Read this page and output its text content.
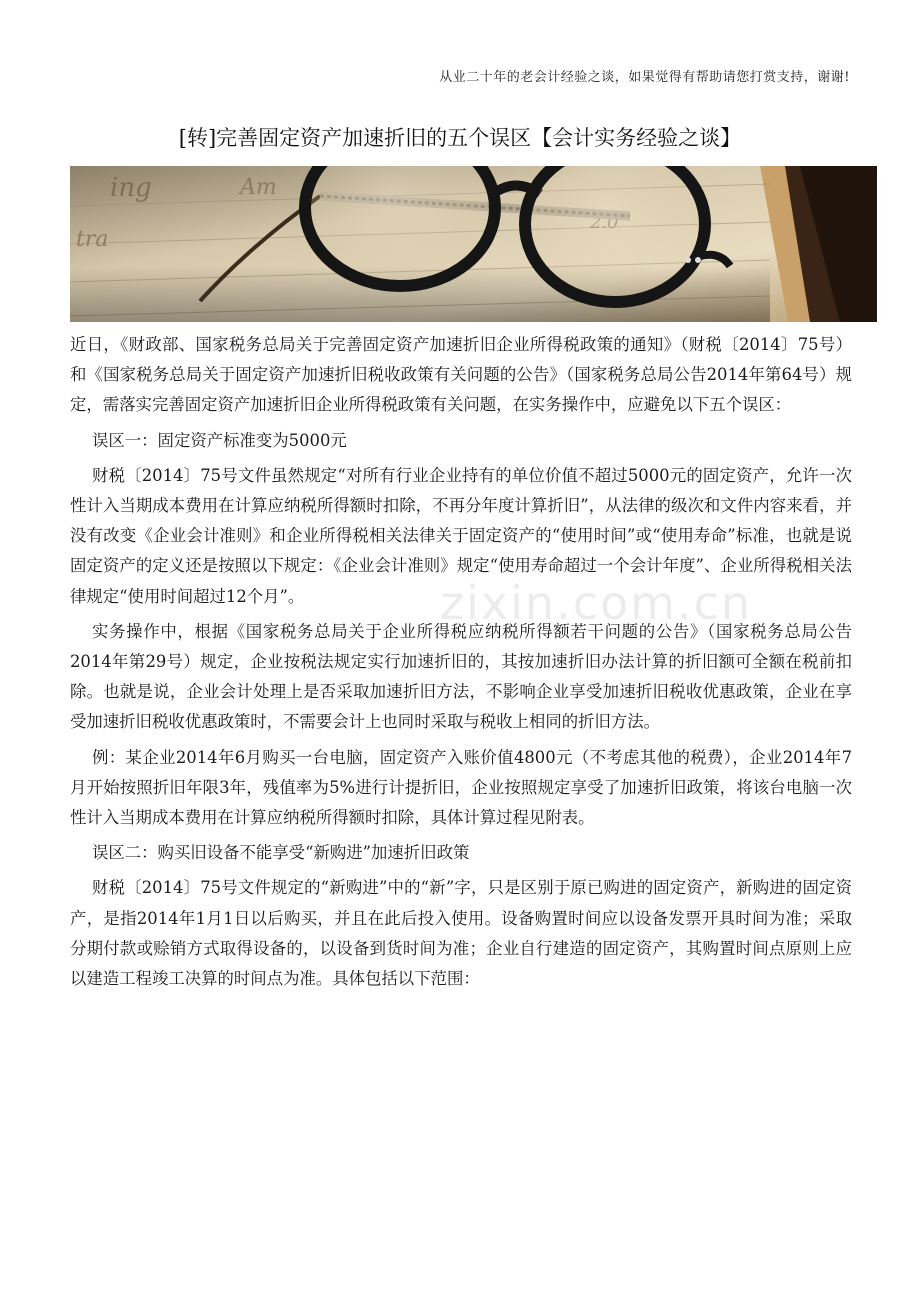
从业二十年的老会计经验之谈，如果觉得有帮助请您打赏支持，谢谢!
[转]完善固定资产加速折旧的五个误区【会计实务经验之谈】
ing	Am
tra
zixin.com.cn

近日，《财政部、国家税务总局关于完善固定资产加速折旧企业所得税政策的通知》（财税〔2014〕75号）和《国家税务总局关于固定资产加速折旧税收政策有关问题的公告》（国家税务总局公告2014年第64号）规定，需落实完善固定资产加速折旧企业所得税政策有关问题，在实务操作中，应避免以下五个误区：

误区一：固定资产标准变为5000元

财税〔2014〕75号文件虽然规定“对所有行业企业持有的单位价值不超过5000元的固定资产，允许一次性计入当期成本费用在计算应纳税所得额时扣除，不再分年度计算折旧”，从法律的级次和文件内容来看，并没有改变《企业会计准则》和企业所得税相关法律关于固定资产的“使用时间”或“使用寿命”标准，也就是说固定资产的定义还是按照以下规定：《企业会计准则》规定“使用寿命超过一个会计年度”、企业所得税相关法律规定“使用时间超过12个月”。

实务操作中，根据《国家税务总局关于企业所得税应纳税所得额若干问题的公告》（国家税务总局公告2014年第29号）规定，企业按税法规定实行加速折旧的，其按加速折旧办法计算的折旧额可全额在税前扣除。也就是说，企业会计处理上是否采取加速折旧方法，不影响企业享受加速折旧税收优惠政策，企业在享受加速折旧税收优惠政策时，不需要会计上也同时采取与税收上相同的折旧方法。

例：某企业2014年6月购买一台电脑，固定资产入账价值4800元（不考虑其他的税费），企业2014年7月开始按照折旧年限3年，残值率为5%进行计提折旧，企业按照规定享受了加速折旧政策，将该台电脑一次性计入当期成本费用在计算应纳税所得额时扣除，具体计算过程见附表。

误区二：购买旧设备不能享受“新购进”加速折旧政策

财税〔2014〕75号文件规定的“新购进”中的“新”字，只是区别于原已购进的固定资产，新购进的固定资产，是指2014年1月1日以后购买，并且在此后投入使用。设备购置时间应以设备发票开具时间为准；采取分期付款或赊销方式取得设备的，以设备到货时间为准；企业自行建造的固定资产，其购置时间点原则上应以建造工程竣工决算的时间点为准。具体包括以下范围：
